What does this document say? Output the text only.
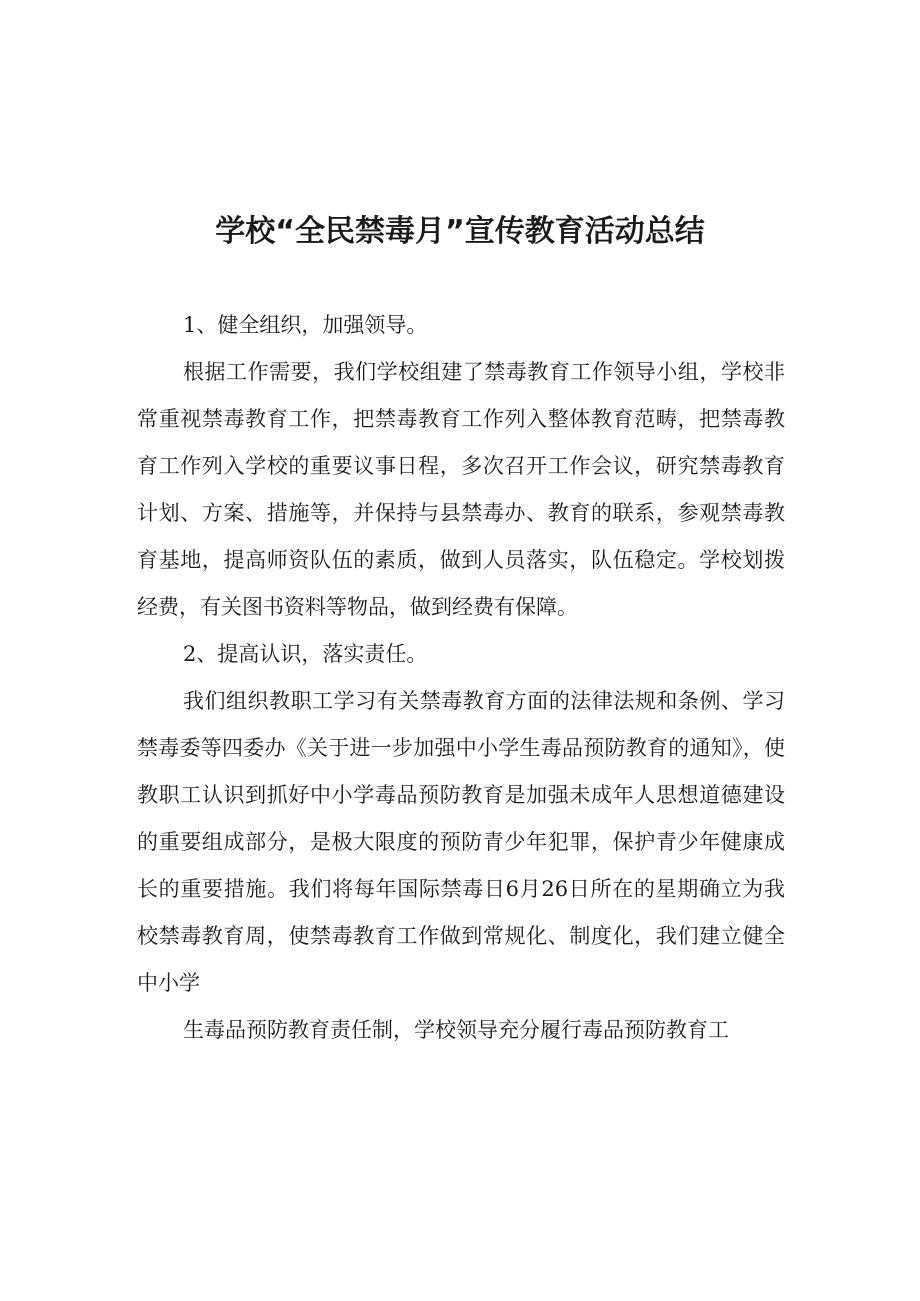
学校“全民禁毒月”宣传教育活动总结

1、健全组织，加强领导。

根据工作需要，我们学校组建了禁毒教育工作领导小组，学校非常重视禁毒教育工作，把禁毒教育工作列入整体教育范畴，把禁毒教育工作列入学校的重要议事日程，多次召开工作会议，研究禁毒教育计划、方案、措施等，并保持与县禁毒办、教育的联系，参观禁毒教育基地，提高师资队伍的素质，做到人员落实，队伍稳定。学校划拨经费，有关图书资料等物品，做到经费有保障。

2、提高认识，落实责任。

我们组织教职工学习有关禁毒教育方面的法律法规和条例、学习禁毒委等四委办《关于进一步加强中小学生毒品预防教育的通知》，使教职工认识到抓好中小学毒品预防教育是加强未成年人思想道德建设的重要组成部分，是极大限度的预防青少年犯罪，保护青少年健康成长的重要措施。我们将每年国际禁毒日6月26日所在的星期确立为我校禁毒教育周，使禁毒教育工作做到常规化、制度化，我们建立健全中小学

生毒品预防教育责任制，学校领导充分履行毒品预防教育工
